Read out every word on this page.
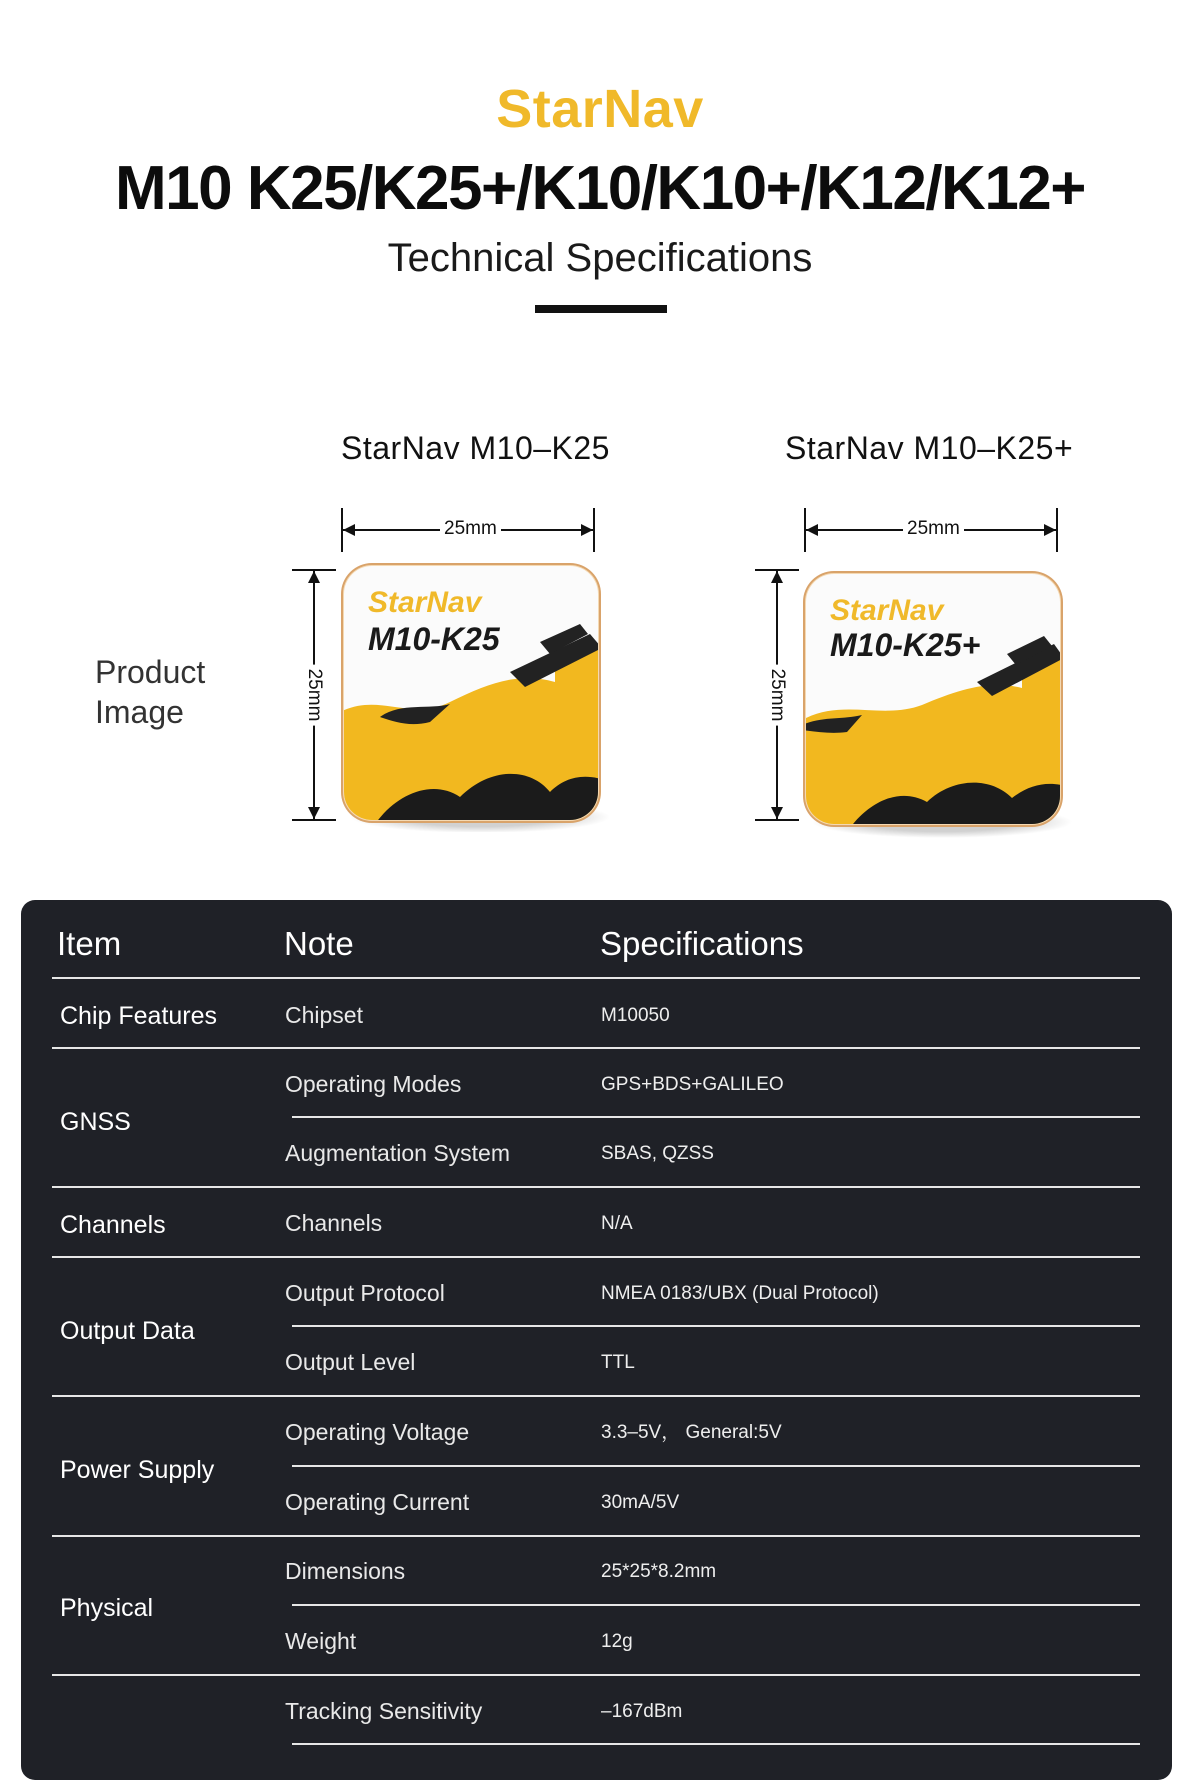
StarNav
M10 K25/K25+/K10/K10+/K12/K12+
Technical Specifications
StarNav M10–K25	StarNav M10–K25+
Product
Image
25mm
25mm
StarNav
M10-K25
25mm
25mm
StarNav
M10-K25+
Item	Note	Specifications
Chip Features	Chipset	M10050
GNSS
Operating Modes	GPS+BDS+GALILEO
Augmentation System	SBAS, QZSS
Channels	Channels	N/A
Output Data
Output Protocol	NMEA 0183/UBX (Dual Protocol)
Output Level	TTL
Power Supply
Operating Voltage	3.3–5V， General:5V
Operating Current	30mA/5V
Physical
Dimensions	25*25*8.2mm
Weight	12g
Tracking Sensitivity	–167dBm
